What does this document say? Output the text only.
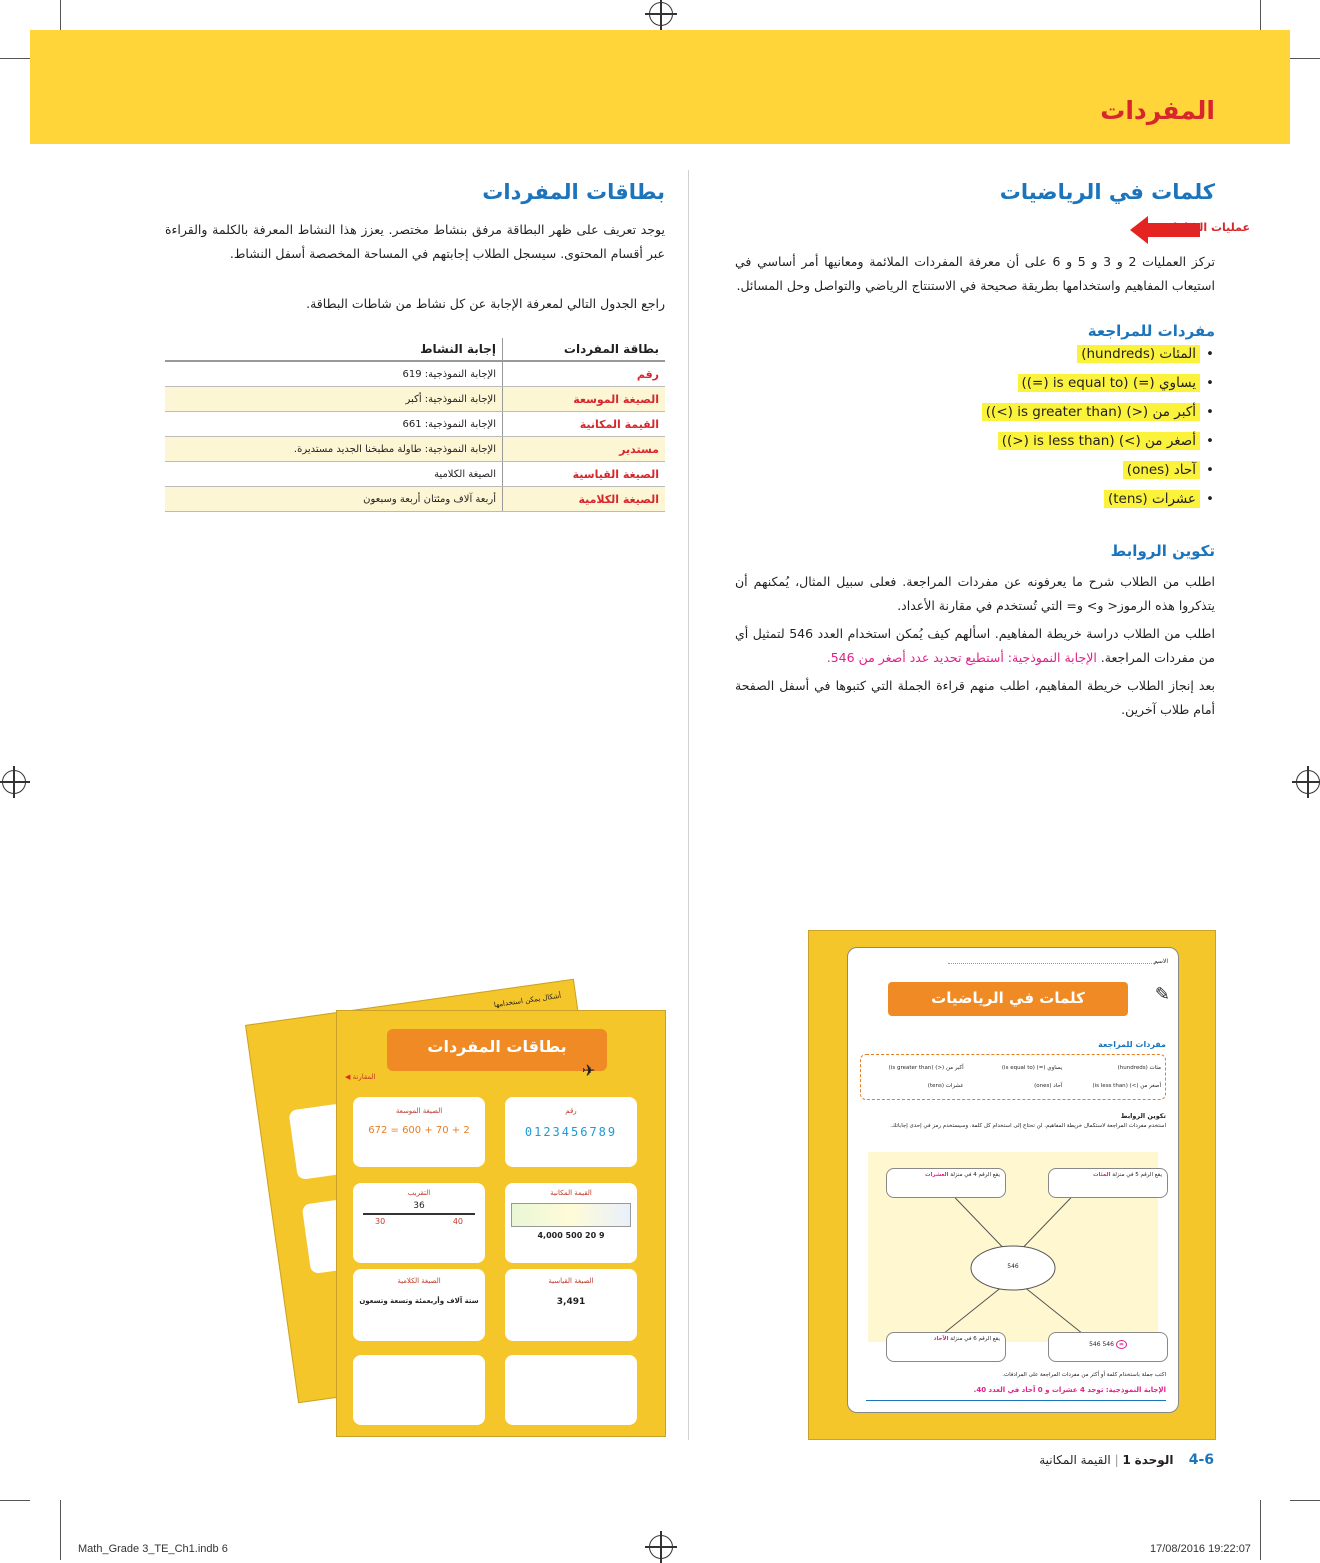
المفردات
كلمات في الرياضيات
عمليات التكامل
تركز العمليات 2 و 3 و 5 و 6 على أن معرفة المفردات الملائمة ومعانيها أمر أساسي في استيعاب المفاهيم واستخدامها بطريقة صحيحة في الاستنتاج الرياضي والتواصل وحل المسائل.
مفردات للمراجعة
•المئات (hundreds)
•يساوي (=) (is equal to (=))
•أكبر من (<) (is greater than (>))
•أصغر من (>) (is less than (<))
•آحاد (ones)
•عشرات (tens)
تكوين الروابط
اطلب من الطلاب شرح ما يعرفونه عن مفردات المراجعة. فعلى سبيل المثال، يُمكنهم أن يتذكروا هذه الرموز< و> و= التي تُستخدم في مقارنة الأعداد.
اطلب من الطلاب دراسة خريطة المفاهيم. اسألهم كيف يُمكن استخدام العدد 546 لتمثيل أي من مفردات المراجعة. الإجابة النموذجية: أستطيع تحديد عدد أصغر من 546.
بعد إنجاز الطلاب خريطة المفاهيم، اطلب منهم قراءة الجملة التي كتبوها في أسفل الصفحة أمام طلاب آخرين.
بطاقات المفردات
يوجد تعريف على ظهر البطاقة مرفق بنشاط مختصر. يعزز هذا النشاط المعرفة بالكلمة والقراءة عبر أقسام المحتوى. سيسجل الطلاب إجابتهم في المساحة المخصصة أسفل النشاط.
راجع الجدول التالي لمعرفة الإجابة عن كل نشاط من شاطات البطاقة.
بطاقة المفردات	إجابة النشاط
رقم	الإجابة النموذجية: 619
الصيغة الموسعة	الإجابة النموذجية: أكبر
القيمة المكانية	الإجابة النموذجية: 661
مستدير	الإجابة النموذجية: طاولة مطبخنا الجديد مستديرة.
الصيغة القياسية	الصيغة الكلامية
الصيغة الكلامية	أربعة آلاف ومئتان أربعة وسبعون
أشكال يمكن استخدامها
بطاقات المفردات
✈
◀ المقارنة
رقم
0123456789
الصيغة الموسعة
672 = 600 + 70 + 2
القيمة المكانية
4,000 500 20 9
التقريب
36
30	40
الصيغة القياسية
3,491
الصيغة الكلامية
ستة آلاف وأربعمئة وتسعة وتسعون
الاسم
كلمات في الرياضيات	✎
مفردات للمراجعة
مئات (hundreds)
يساوي (=) (is equal to)
أكبر من (<) (is greater than)
أصغر من (>) (is less than)
آحاد (ones)
عشرات (tens)
تكوين الروابط
استخدم مفردات المراجعة لاستكمال خريطة المفاهيم. لن تحتاج إلى استخدام كل كلمة. وسيستخدم رمز في إحدى إجاباتك.
546
يقع الرقم 5 في منزلة المئات
يقع الرقم 4 في منزلة العشرات
يقع الرقم 6 في منزلة الآحاد
546 546 =
اكتب جملة باستخدام كلمة أو أكثر من مفردات المراجعة على المرادفات.
الإجابة النموذجية: توجد 4 عشرات و 0 آحاد في العدد 40.
4-6    الوحدة 1 | القيمة المكانية
Math_Grade 3_TE_Ch1.indb 6	17/08/2016 19:22:07
